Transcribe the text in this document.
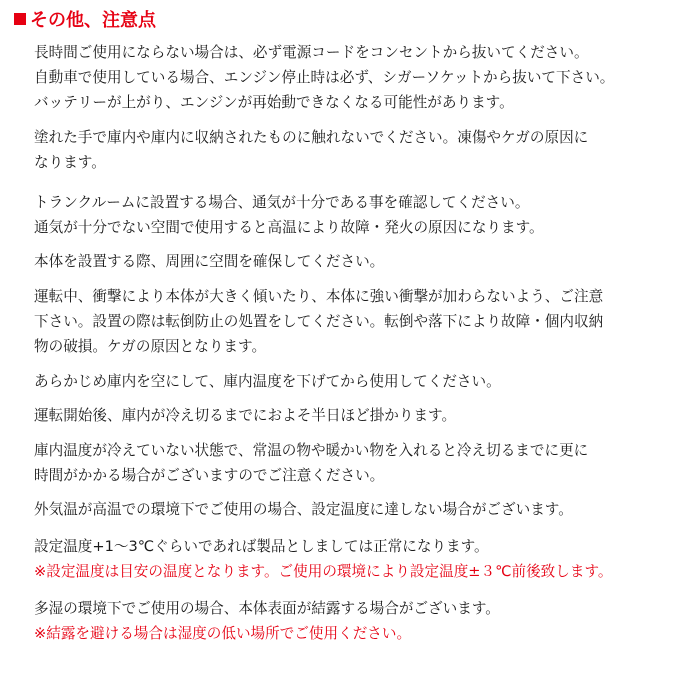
その他、注意点
長時間ご使用にならない場合は、必ず電源コードをコンセントから抜いてください。
自動車で使用している場合、エンジン停止時は必ず、シガーソケットから抜いて下さい。
バッテリーが上がり、エンジンが再始動できなくなる可能性があります。
塗れた手で庫内や庫内に収納されたものに触れないでください。凍傷やケガの原因に
なります。
トランクルームに設置する場合、通気が十分である事を確認してください。
通気が十分でない空間で使用すると高温により故障・発火の原因になります。
本体を設置する際、周囲に空間を確保してください。
運転中、衝撃により本体が大きく傾いたり、本体に強い衝撃が加わらないよう、ご注意
下さい。設置の際は転倒防止の処置をしてください。転倒や落下により故障・個内収納
物の破損。ケガの原因となります。
あらかじめ庫内を空にして、庫内温度を下げてから使用してください。
運転開始後、庫内が冷え切るまでにおよそ半日ほど掛かります。
庫内温度が冷えていない状態で、常温の物や暖かい物を入れると冷え切るまでに更に
時間がかかる場合がございますのでご注意ください。
外気温が高温での環境下でご使用の場合、設定温度に達しない場合がございます。
設定温度+1～3℃ぐらいであれば製品としましては正常になります。
※設定温度は目安の温度となります。ご使用の環境により設定温度±３℃前後致します。
多湿の環境下でご使用の場合、本体表面が結露する場合がございます。
※結露を避ける場合は湿度の低い場所でご使用ください。
